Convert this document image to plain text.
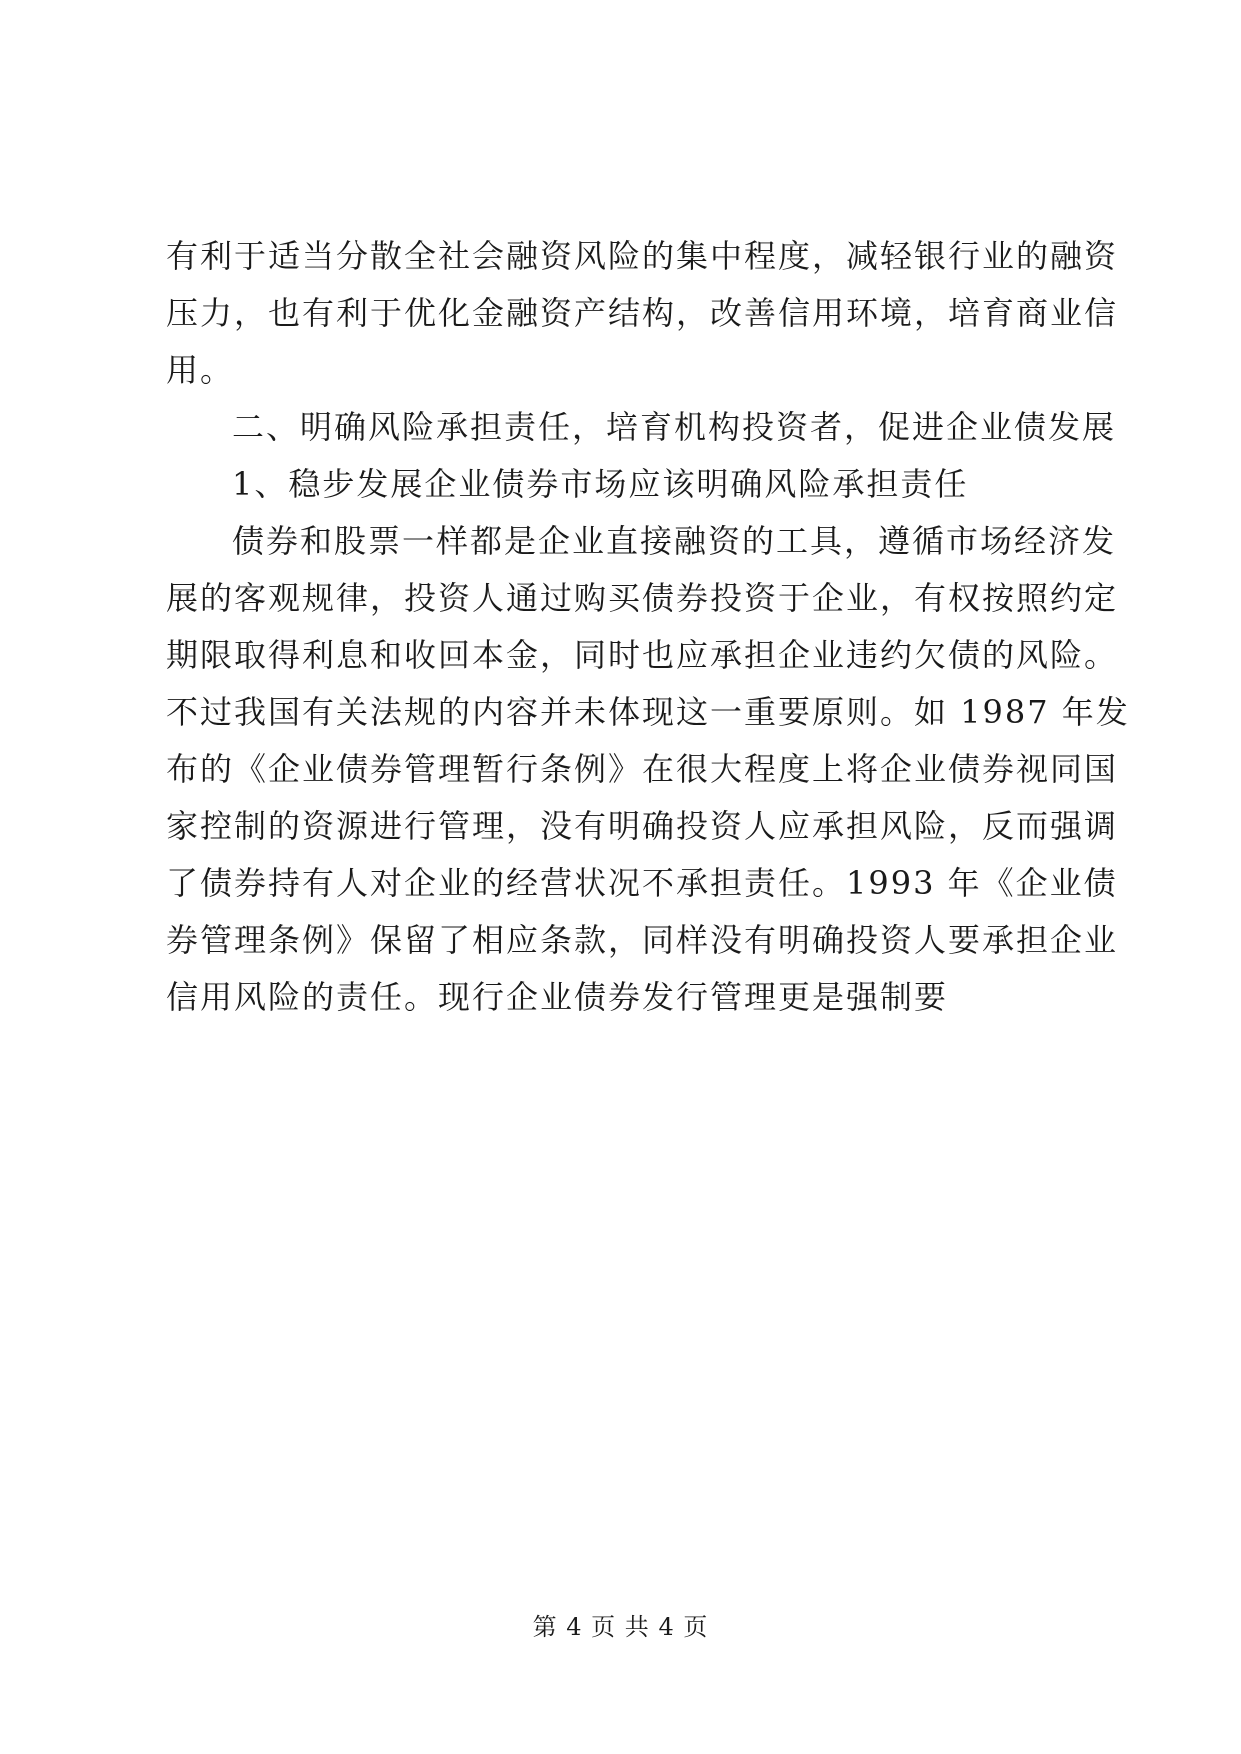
有利于适当分散全社会融资风险的集中程度，减轻银行业的融资
压力，也有利于优化金融资产结构，改善信用环境，培育商业信
用。
二、明确风险承担责任，培育机构投资者，促进企业债发展
1、稳步发展企业债券市场应该明确风险承担责任
债券和股票一样都是企业直接融资的工具，遵循市场经济发
展的客观规律，投资人通过购买债券投资于企业，有权按照约定
期限取得利息和收回本金，同时也应承担企业违约欠债的风险。
不过我国有关法规的内容并未体现这一重要原则。如 1987 年发
布的《企业债券管理暂行条例》在很大程度上将企业债券视同国
家控制的资源进行管理，没有明确投资人应承担风险，反而强调
了债券持有人对企业的经营状况不承担责任。1993 年《企业债
券管理条例》保留了相应条款，同样没有明确投资人要承担企业
信用风险的责任。现行企业债券发行管理更是强制要
第 4 页 共 4 页
